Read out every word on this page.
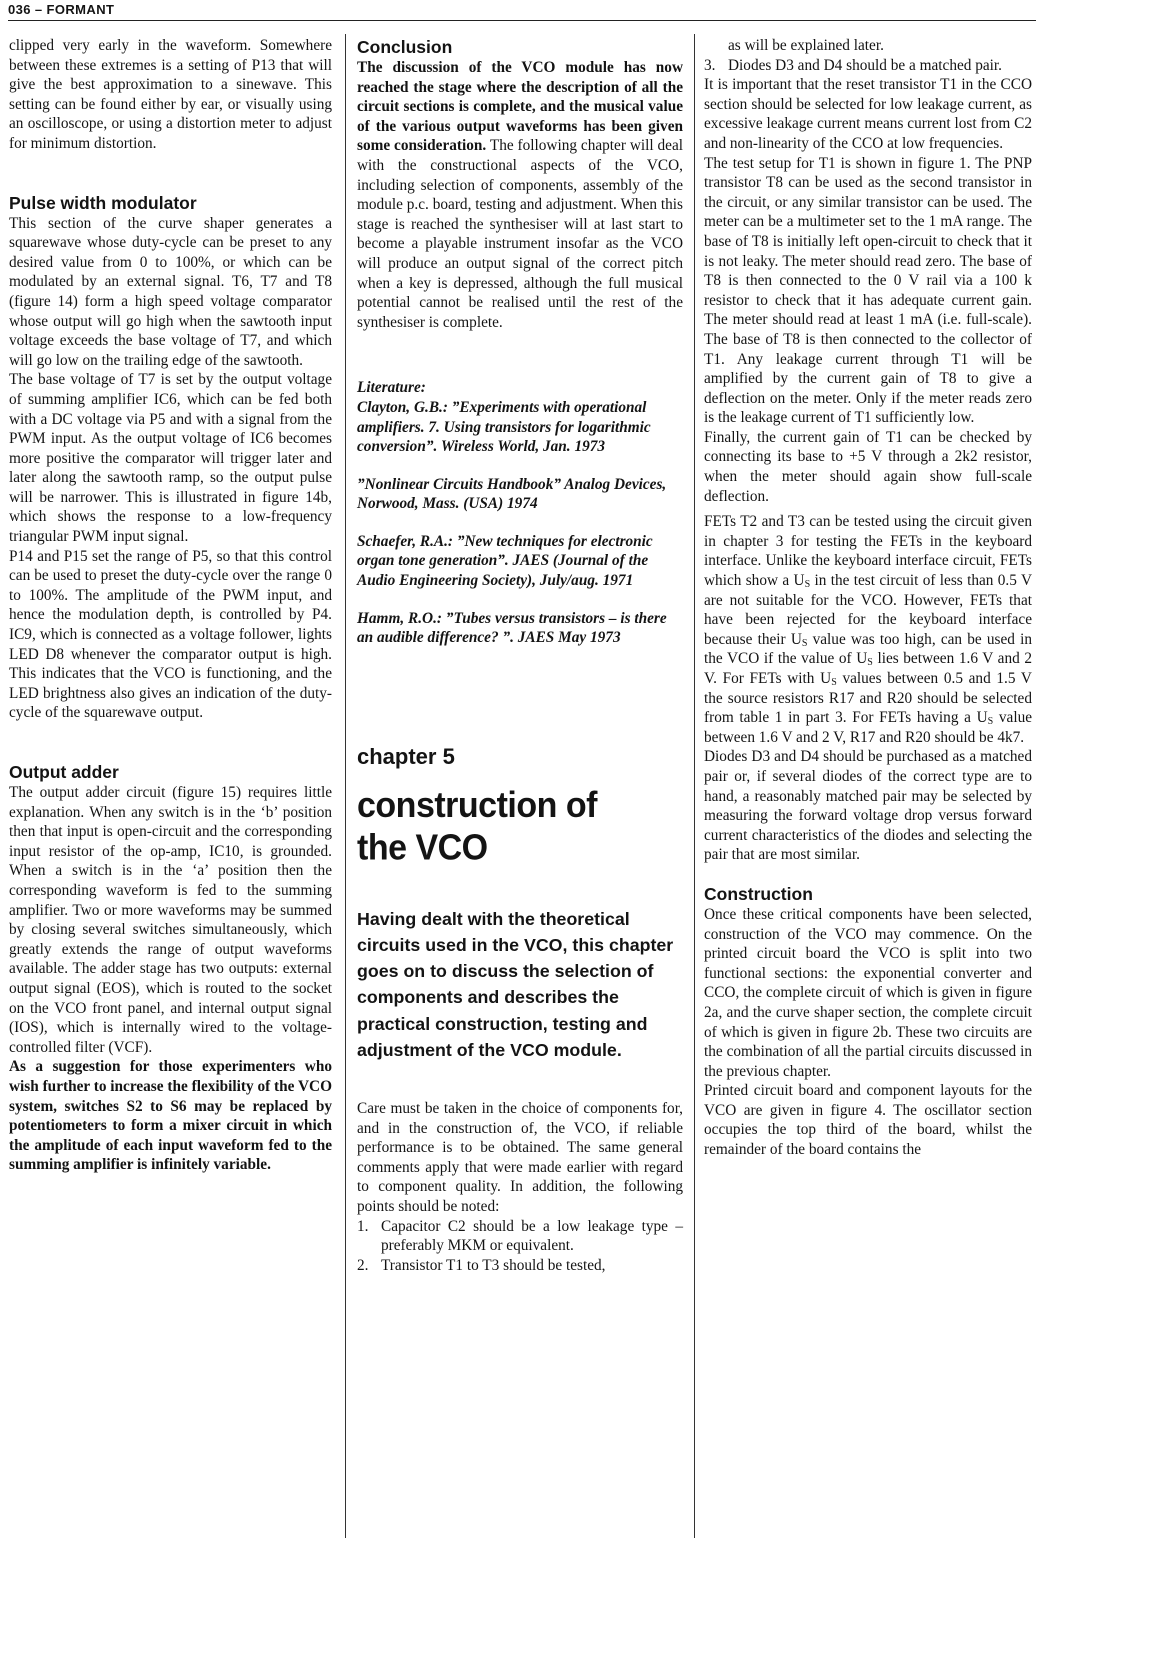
036 – FORMANT

clipped very early in the waveform. Somewhere between these extremes is a setting of P13 that will give the best approximation to a sinewave. This setting can be found either by ear, or visually using an oscilloscope, or using a distortion meter to adjust for minimum distortion.

Pulse width modulator

This section of the curve shaper generates a squarewave whose duty-cycle can be preset to any desired value from 0 to 100%, or which can be modulated by an external signal. T6, T7 and T8 (figure 14) form a high speed voltage comparator whose output will go high when the sawtooth input voltage exceeds the base voltage of T7, and which will go low on the trailing edge of the sawtooth.

The base voltage of T7 is set by the output voltage of summing amplifier IC6, which can be fed both with a DC voltage via P5 and with a signal from the PWM input. As the output voltage of IC6 becomes more positive the comparator will trigger later and later along the sawtooth ramp, so the output pulse will be narrower. This is illustrated in figure 14b, which shows the response to a low-frequency triangular PWM input signal.

P14 and P15 set the range of P5, so that this control can be used to preset the duty-cycle over the range 0 to 100%. The amplitude of the PWM input, and hence the modulation depth, is controlled by P4. IC9, which is connected as a voltage follower, lights LED D8 whenever the comparator output is high. This indicates that the VCO is functioning, and the LED brightness also gives an indication of the duty-cycle of the squarewave output.

Output adder

The output adder circuit (figure 15) requires little explanation. When any switch is in the ‘b’ position then that input is open-circuit and the corresponding input resistor of the op-amp, IC10, is grounded. When a switch is in the ‘a’ position then the corresponding waveform is fed to the summing amplifier. Two or more waveforms may be summed by closing several switches simultaneously, which greatly extends the range of output waveforms available. The adder stage has two outputs: external output signal (EOS), which is routed to the socket on the VCO front panel, and internal output signal (IOS), which is internally wired to the voltage-controlled filter (VCF).

As a suggestion for those experimenters who wish further to increase the flexibility of the VCO system, switches S2 to S6 may be replaced by potentiometers to form a mixer circuit in which the amplitude of each input waveform fed to the summing amplifier is infinitely variable.

Conclusion

The discussion of the VCO module has now reached the stage where the description of all the circuit sections is complete, and the musical value of the various output waveforms has been given some consideration. The following chapter will deal with the constructional aspects of the VCO, including selection of components, assembly of the module p.c. board, testing and adjustment. When this stage is reached the synthesiser will at last start to become a playable instrument insofar as the VCO will produce an output signal of the correct pitch when a key is depressed, although the full musical potential cannot be realised until the rest of the synthesiser is complete.

Literature:
Clayton, G.B.: ”Experiments with operational amplifiers. 7. Using transistors for logarithmic conversion”. Wireless World, Jan. 1973

”Nonlinear Circuits Handbook” Analog Devices, Norwood, Mass. (USA) 1974

Schaefer, R.A.: ”New techniques for electronic organ tone generation”. JAES (Journal of the Audio Engineering Society), July/aug. 1971

Hamm, R.O.: ”Tubes versus transistors – is there an audible difference? ”. JAES May 1973

chapter 5
construction of
the VCO

Having dealt with the theoretical circuits used in the VCO, this chapter goes on to discuss the selection of components and describes the practical construction, testing and adjustment of the VCO module.

Care must be taken in the choice of components for, and in the construction of, the VCO, if reliable performance is to be obtained. The same general comments apply that were made earlier with regard to component quality. In addition, the following points should be noted:

1. Capacitor C2 should be a low leakage type – preferably MKM or equivalent.
2. Transistor T1 to T3 should be tested,

as will be explained later.

3. Diodes D3 and D4 should be a matched pair.

It is important that the reset transistor T1 in the CCO section should be selected for low leakage current, as excessive leakage current means current lost from C2 and non-linearity of the CCO at low frequencies.

The test setup for T1 is shown in figure 1. The PNP transistor T8 can be used as the second transistor in the circuit, or any similar transistor can be used. The meter can be a multimeter set to the 1 mA range. The base of T8 is initially left open-circuit to check that it is not leaky. The meter should read zero. The base of T8 is then connected to the 0 V rail via a 100 k resistor to check that it has adequate current gain. The meter should read at least 1 mA (i.e. full-scale). The base of T8 is then connected to the collector of T1. Any leakage current through T1 will be amplified by the current gain of T8 to give a deflection on the meter. Only if the meter reads zero is the leakage current of T1 sufficiently low.

Finally, the current gain of T1 can be checked by connecting its base to +5 V through a 2k2 resistor, when the meter should again show full-scale deflection.

FETs T2 and T3 can be tested using the circuit given in chapter 3 for testing the FETs in the keyboard interface. Unlike the keyboard interface circuit, FETs which show a $U_S$ in the test circuit of less than 0.5 V are not suitable for the VCO. However, FETs that have been rejected for the keyboard interface because their $U_S$ value was too high, can be used in the VCO if the value of $U_S$ lies between 1.6 V and 2 V. For FETs with $U_S$ values between 0.5 and 1.5 V the source resistors R17 and R20 should be selected from table 1 in part 3. For FETs having a $U_S$ value between 1.6 V and 2 V, R17 and R20 should be 4k7.

Diodes D3 and D4 should be purchased as a matched pair or, if several diodes of the correct type are to hand, a reasonably matched pair may be selected by measuring the forward voltage drop versus forward current characteristics of the diodes and selecting the pair that are most similar.

Construction

Once these critical components have been selected, construction of the VCO may commence. On the printed circuit board the VCO is split into two functional sections: the exponential converter and CCO, the complete circuit of which is given in figure 2a, and the curve shaper section, the complete circuit of which is given in figure 2b. These two circuits are the combination of all the partial circuits discussed in the previous chapter.

Printed circuit board and component layouts for the VCO are given in figure 4. The oscillator section occupies the top third of the board, whilst the remainder of the board contains the
